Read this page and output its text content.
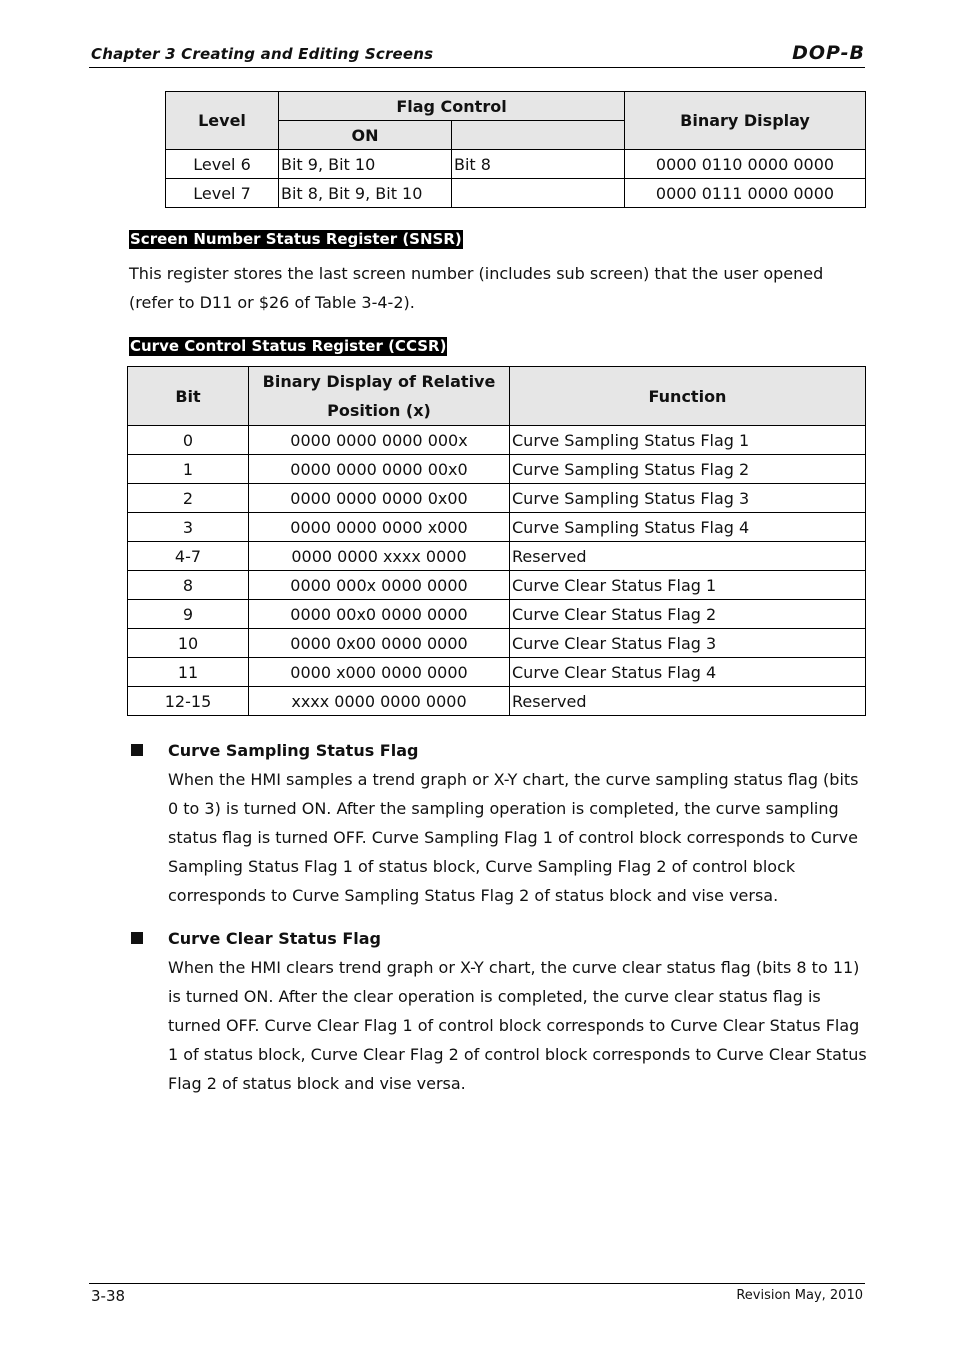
Chapter 3 Creating and Editing Screens	DOP-B
Level	Flag Control		Binary Display
	ON		
Level 6	Bit 9, Bit 10	Bit 8	0000 0110 0000 0000
Level 7	Bit 8, Bit 9, Bit 10		0000 0111 0000 0000
Screen Number Status Register (SNSR)
This register stores the last screen number (includes sub screen) that the user opened (refer to D11 or $26 of Table 3-4-2).
Curve Control Status Register (CCSR)
Bit	Binary Display of Relative Position (x)	Function
0	0000 0000 0000 000x	Curve Sampling Status Flag 1
1	0000 0000 0000 00x0	Curve Sampling Status Flag 2
2	0000 0000 0000 0x00	Curve Sampling Status Flag 3
3	0000 0000 0000 x000	Curve Sampling Status Flag 4
4-7	0000 0000 xxxx 0000	Reserved
8	0000 000x 0000 0000	Curve Clear Status Flag 1
9	0000 00x0 0000 0000	Curve Clear Status Flag 2
10	0000 0x00 0000 0000	Curve Clear Status Flag 3
11	0000 x000 0000 0000	Curve Clear Status Flag 4
12-15	xxxx 0000 0000 0000	Reserved
Curve Sampling Status Flag
When the HMI samples a trend graph or X-Y chart, the curve sampling status flag (bits 0 to 3) is turned ON. After the sampling operation is completed, the curve sampling status flag is turned OFF. Curve Sampling Flag 1 of control block corresponds to Curve Sampling Status Flag 1 of status block, Curve Sampling Flag 2 of control block corresponds to Curve Sampling Status Flag 2 of status block and vise versa.
Curve Clear Status Flag
When the HMI clears trend graph or X-Y chart, the curve clear status flag (bits 8 to 11) is turned ON. After the clear operation is completed, the curve clear status flag is turned OFF. Curve Clear Flag 1 of control block corresponds to Curve Clear Status Flag 1 of status block, Curve Clear Flag 2 of control block corresponds to Curve Clear Status Flag 2 of status block and vise versa.
3-38	Revision May, 2010
